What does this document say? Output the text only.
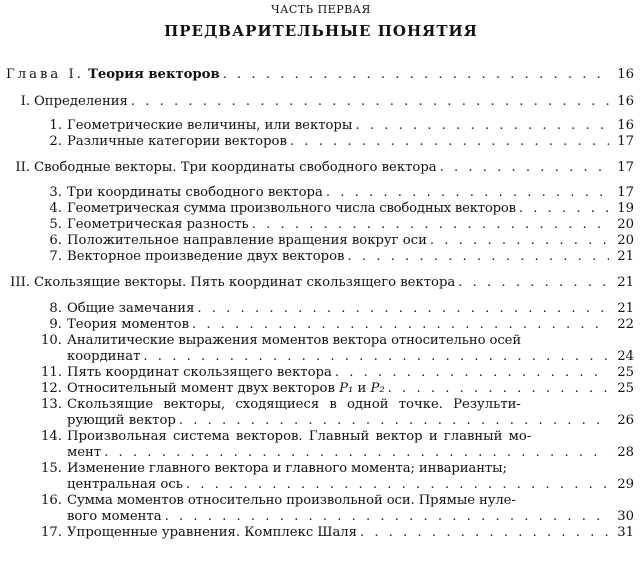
ЧАСТЬ ПЕРВАЯ
ПРЕДВАРИТЕЛЬНЫЕ ПОНЯТИЯ
Глава I. Теория векторов . . .	16
I. Определения . . .	16
1. Геометрические величины, или векторы . . .	16
2. Различные категории векторов . . .	17
II. Свободные векторы. Три координаты свободного вектора . . .	17
3. Три координаты свободного вектора . . .	17
4. Геометрическая сумма произвольного числа свободных векторов . . .	19
5. Геометрическая разность . . .	20
6. Положительное направление вращения вокруг оси . . .	20
7. Векторное произведение двух векторов . . .	21
III. Скользящие векторы. Пять координат скользящего вектора . . .	21
8. Общие замечания . . .	21
9. Теория моментов . . .	22
10. Аналитические выражения моментов вектора относительно осей
координат . . .	24
11. Пять координат скользящего вектора . . .	25
12. Относительный момент двух векторов P₁ и P₂ . . .	25
13. Скользящие векторы, сходящиеся в одной точке. Результи-
рующий вектор . . .	26
14. Произвольная система векторов. Главный вектор и главный мо-
мент . . .	28
15. Изменение главного вектора и главного момента; инварианты;
центральная ось . . .	29
16. Сумма моментов относительно произвольной оси. Прямые нуле-
вого момента . . .	30
17. Упрощенные уравнения. Комплекс Шаля . . .	31
